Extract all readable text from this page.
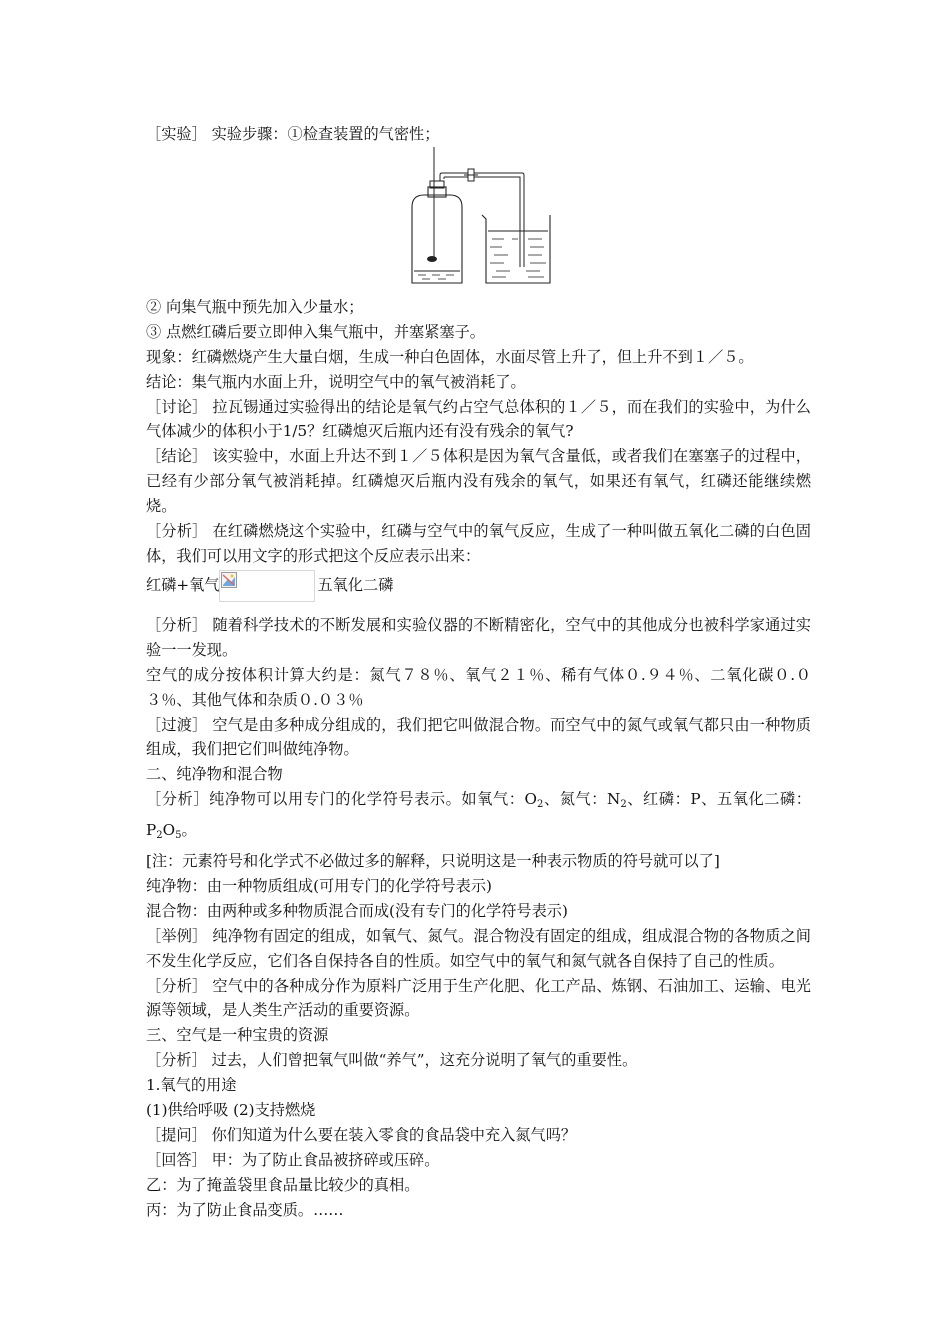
［实验］ 实验步骤：①检查装置的气密性；
② 向集气瓶中预先加入少量水；
③ 点燃红磷后要立即伸入集气瓶中，并塞紧塞子。
现象：红磷燃烧产生大量白烟，生成一种白色固体，水面尽管上升了，但上升不到１／５。
结论：集气瓶内水面上升，说明空气中的氧气被消耗了。
［讨论］ 拉瓦锡通过实验得出的结论是氧气约占空气总体积的１／５，而在我们的实验中，为什么气体减少的体积小于1/5？红磷熄灭后瓶内还有没有残余的氧气?
［结论］ 该实验中，水面上升达不到１／５体积是因为氧气含量低，或者我们在塞塞子的过程中，已经有少部分氧气被消耗掉。红磷熄灭后瓶内没有残余的氧气，如果还有氧气，红磷还能继续燃烧。
［分析］ 在红磷燃烧这个实验中，红磷与空气中的氧气反应，生成了一种叫做五氧化二磷的白色固体，我们可以用文字的形式把这个反应表示出来：
红磷+氧气	五氧化二磷
［分析］ 随着科学技术的不断发展和实验仪器的不断精密化，空气中的其他成分也被科学家通过实验一一发现。
空气的成分按体积计算大约是：氮气７８％、氧气２１％、稀有气体０.９４％、二氧化碳０.０３％、其他气体和杂质０.０３％
［过渡］ 空气是由多种成分组成的，我们把它叫做混合物。而空气中的氮气或氧气都只由一种物质组成，我们把它们叫做纯净物。
二、纯净物和混合物
［分析］纯净物可以用专门的化学符号表示。如氧气：$O_2$、氮气：$N_2$、红磷：P、五氧化二磷：$P_2O_5$。
[注：元素符号和化学式不必做过多的解释，只说明这是一种表示物质的符号就可以了]
纯净物：由一种物质组成(可用专门的化学符号表示)
混合物：由两种或多种物质混合而成(没有专门的化学符号表示)
［举例］ 纯净物有固定的组成，如氧气、氮气。混合物没有固定的组成，组成混合物的各物质之间不发生化学反应，它们各自保持各自的性质。如空气中的氧气和氮气就各自保持了自己的性质。
［分析］ 空气中的各种成分作为原料广泛用于生产化肥、化工产品、炼钢、石油加工、运输、电光源等领域，是人类生产活动的重要资源。
三、空气是一种宝贵的资源
［分析］ 过去，人们曾把氧气叫做“养气”，这充分说明了氧气的重要性。
1.氧气的用途
(1)供给呼吸 (2)支持燃烧
［提问］ 你们知道为什么要在装入零食的食品袋中充入氮气吗？
［回答］ 甲：为了防止食品被挤碎或压碎。
乙：为了掩盖袋里食品量比较少的真相。
丙：为了防止食品变质。……
